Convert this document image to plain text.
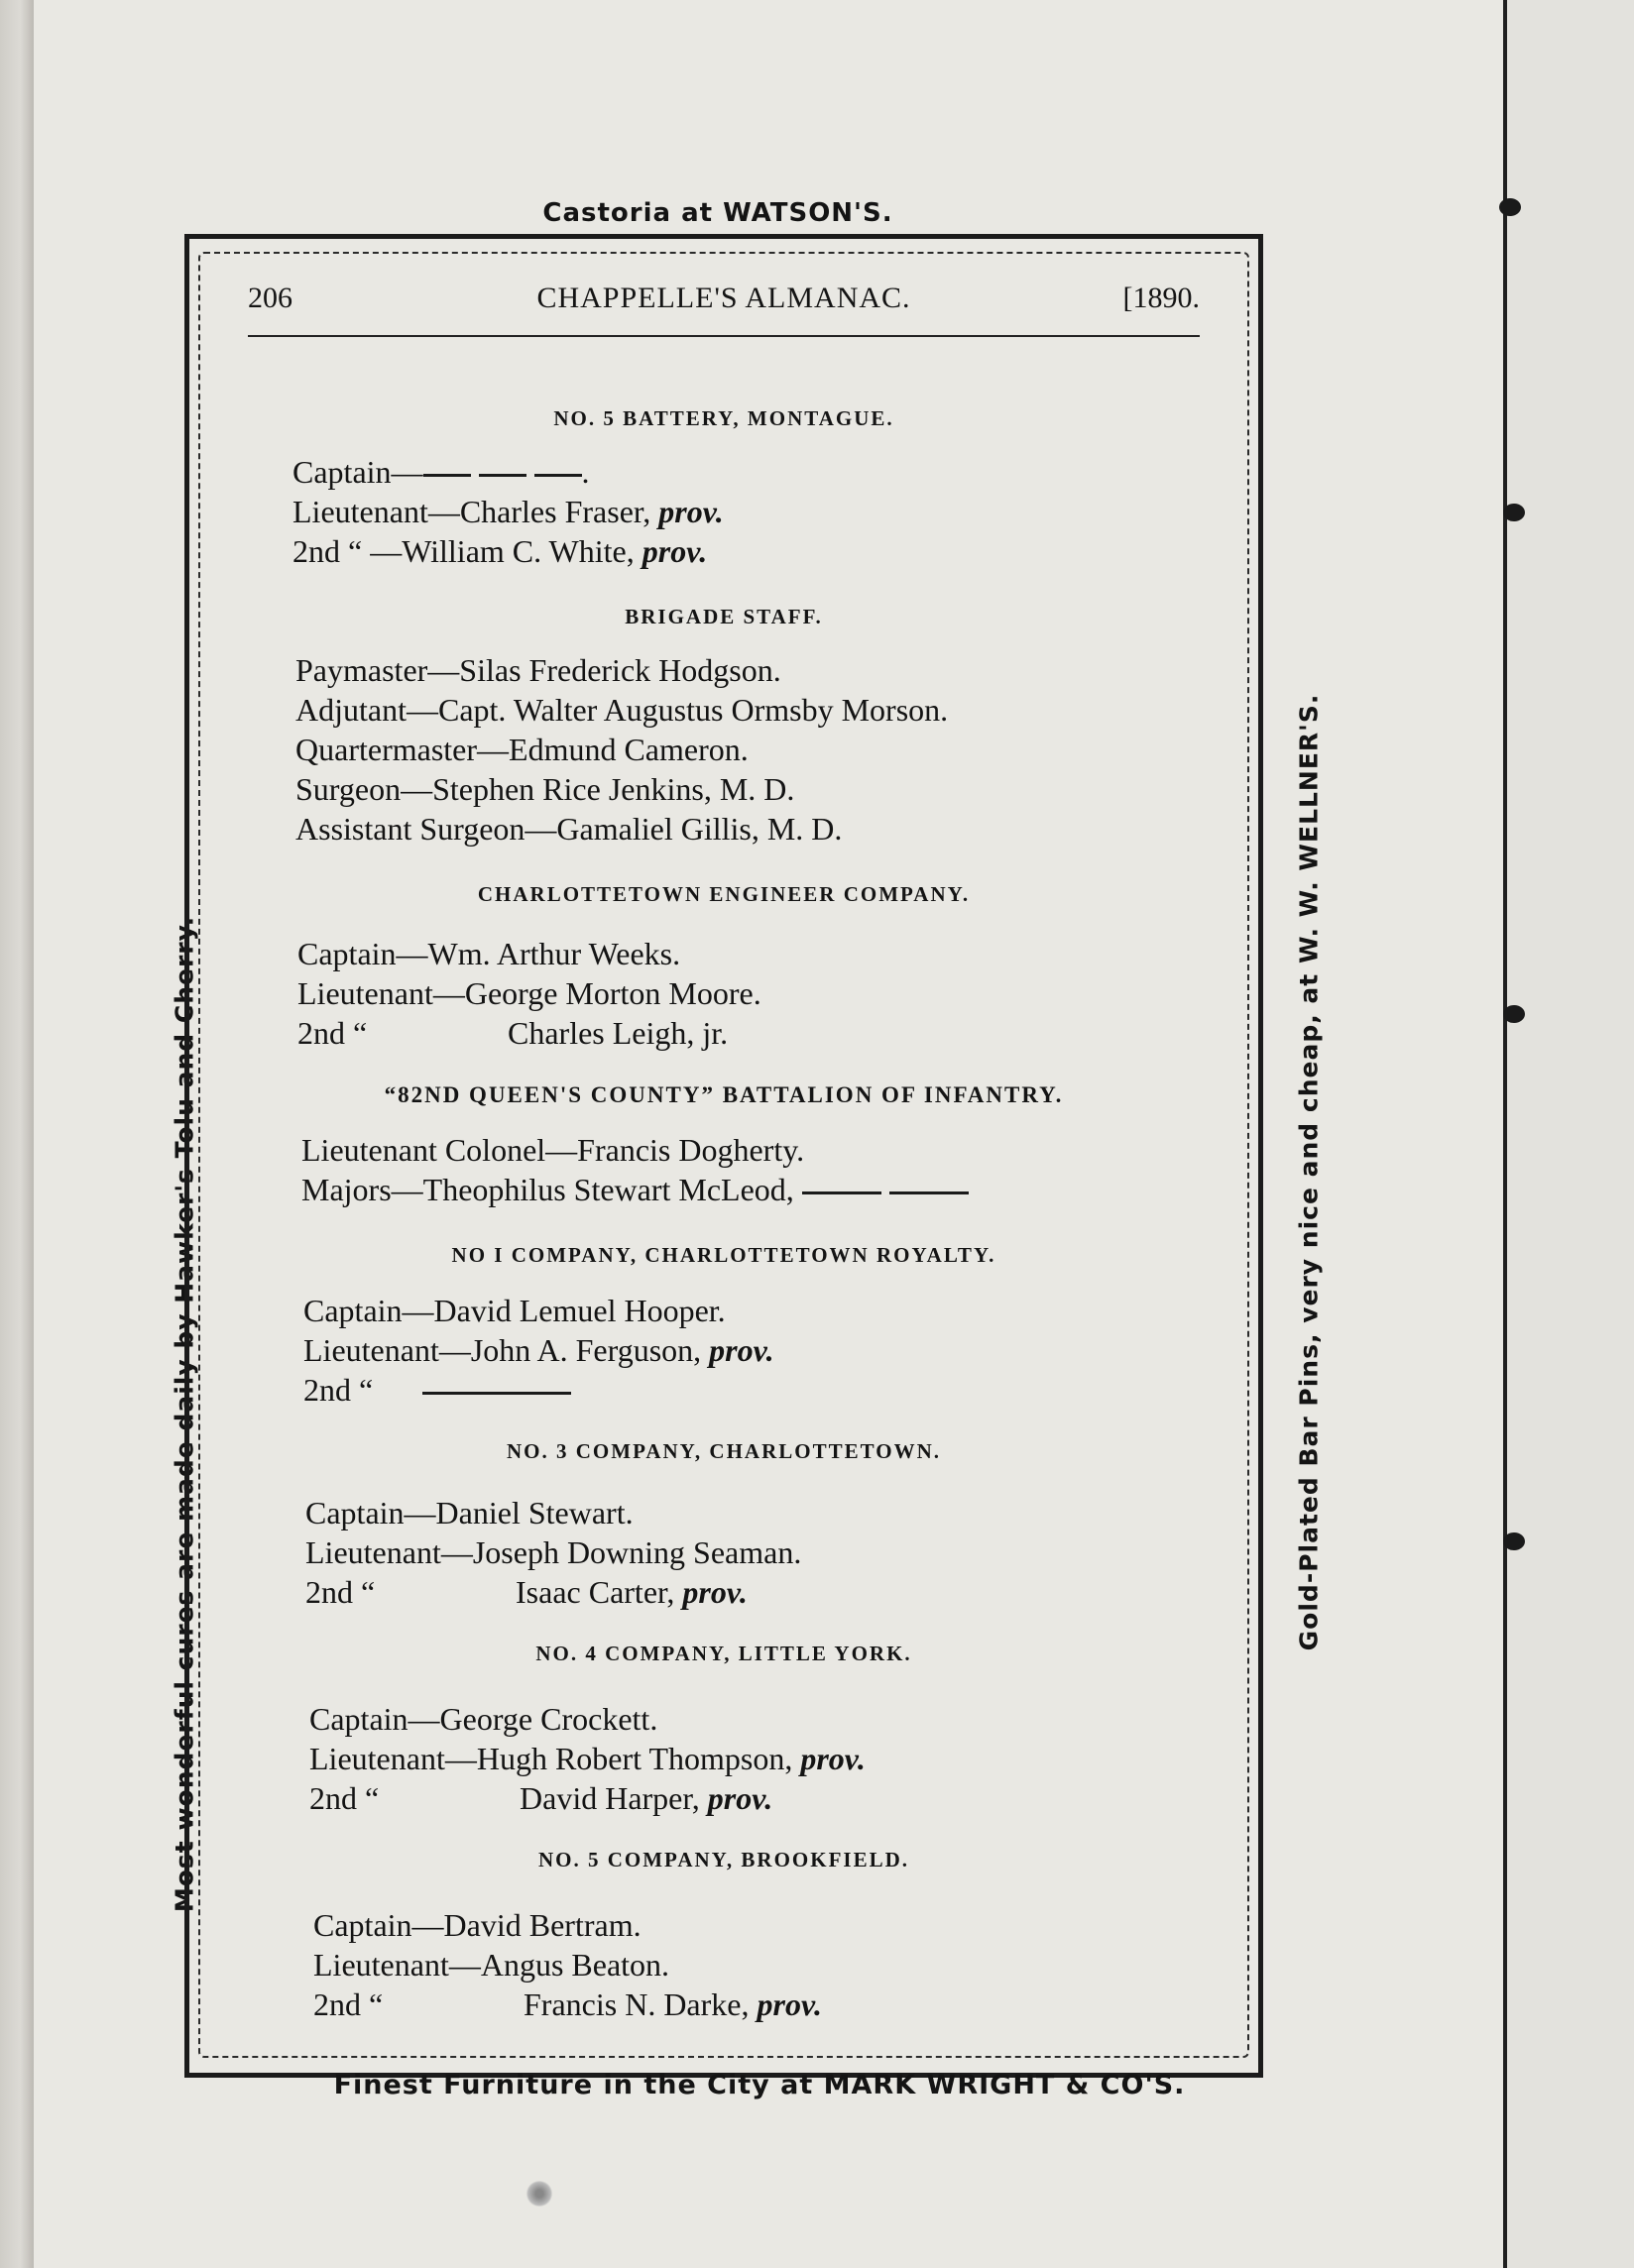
Castoria at WATSON'S.
Most wonderful cures are made daily by Hawker's Tolu and Cherry.	Gold-Plated Bar Pins, very nice and cheap, at W. W. WELLNER'S.
206	CHAPPELLE'S ALMANAC.	[1890.
NO. 5 BATTERY, MONTAGUE.
Captain—	.
Lieutenant—Charles Fraser, prov.
2nd “ —William C. White, prov.
BRIGADE STAFF.
Paymaster—Silas Frederick Hodgson.
Adjutant—Capt. Walter Augustus Ormsby Morson.
Quartermaster—Edmund Cameron.
Surgeon—Stephen Rice Jenkins, M. D.
Assistant Surgeon—Gamaliel Gillis, M. D.
CHARLOTTETOWN ENGINEER COMPANY.
Captain—Wm. Arthur Weeks.
Lieutenant—George Morton Moore.
2nd “	Charles Leigh, jr.
“82ND QUEEN'S COUNTY” BATTALION OF INFANTRY.
Lieutenant Colonel—Francis Dogherty.
Majors—Theophilus Stewart McLeod,
NO I COMPANY, CHARLOTTETOWN ROYALTY.
Captain—David Lemuel Hooper.
Lieutenant—John A. Ferguson, prov.
2nd “
NO. 3 COMPANY, CHARLOTTETOWN.
Captain—Daniel Stewart.
Lieutenant—Joseph Downing Seaman.
2nd “	Isaac Carter, prov.
NO. 4 COMPANY, LITTLE YORK.
Captain—George Crockett.
Lieutenant—Hugh Robert Thompson, prov.
2nd “	David Harper, prov.
NO. 5 COMPANY, BROOKFIELD.
Captain—David Bertram.
Lieutenant—Angus Beaton.
2nd “	Francis N. Darke, prov.
Finest Furniture in the City at MARK WRIGHT & CO'S.
